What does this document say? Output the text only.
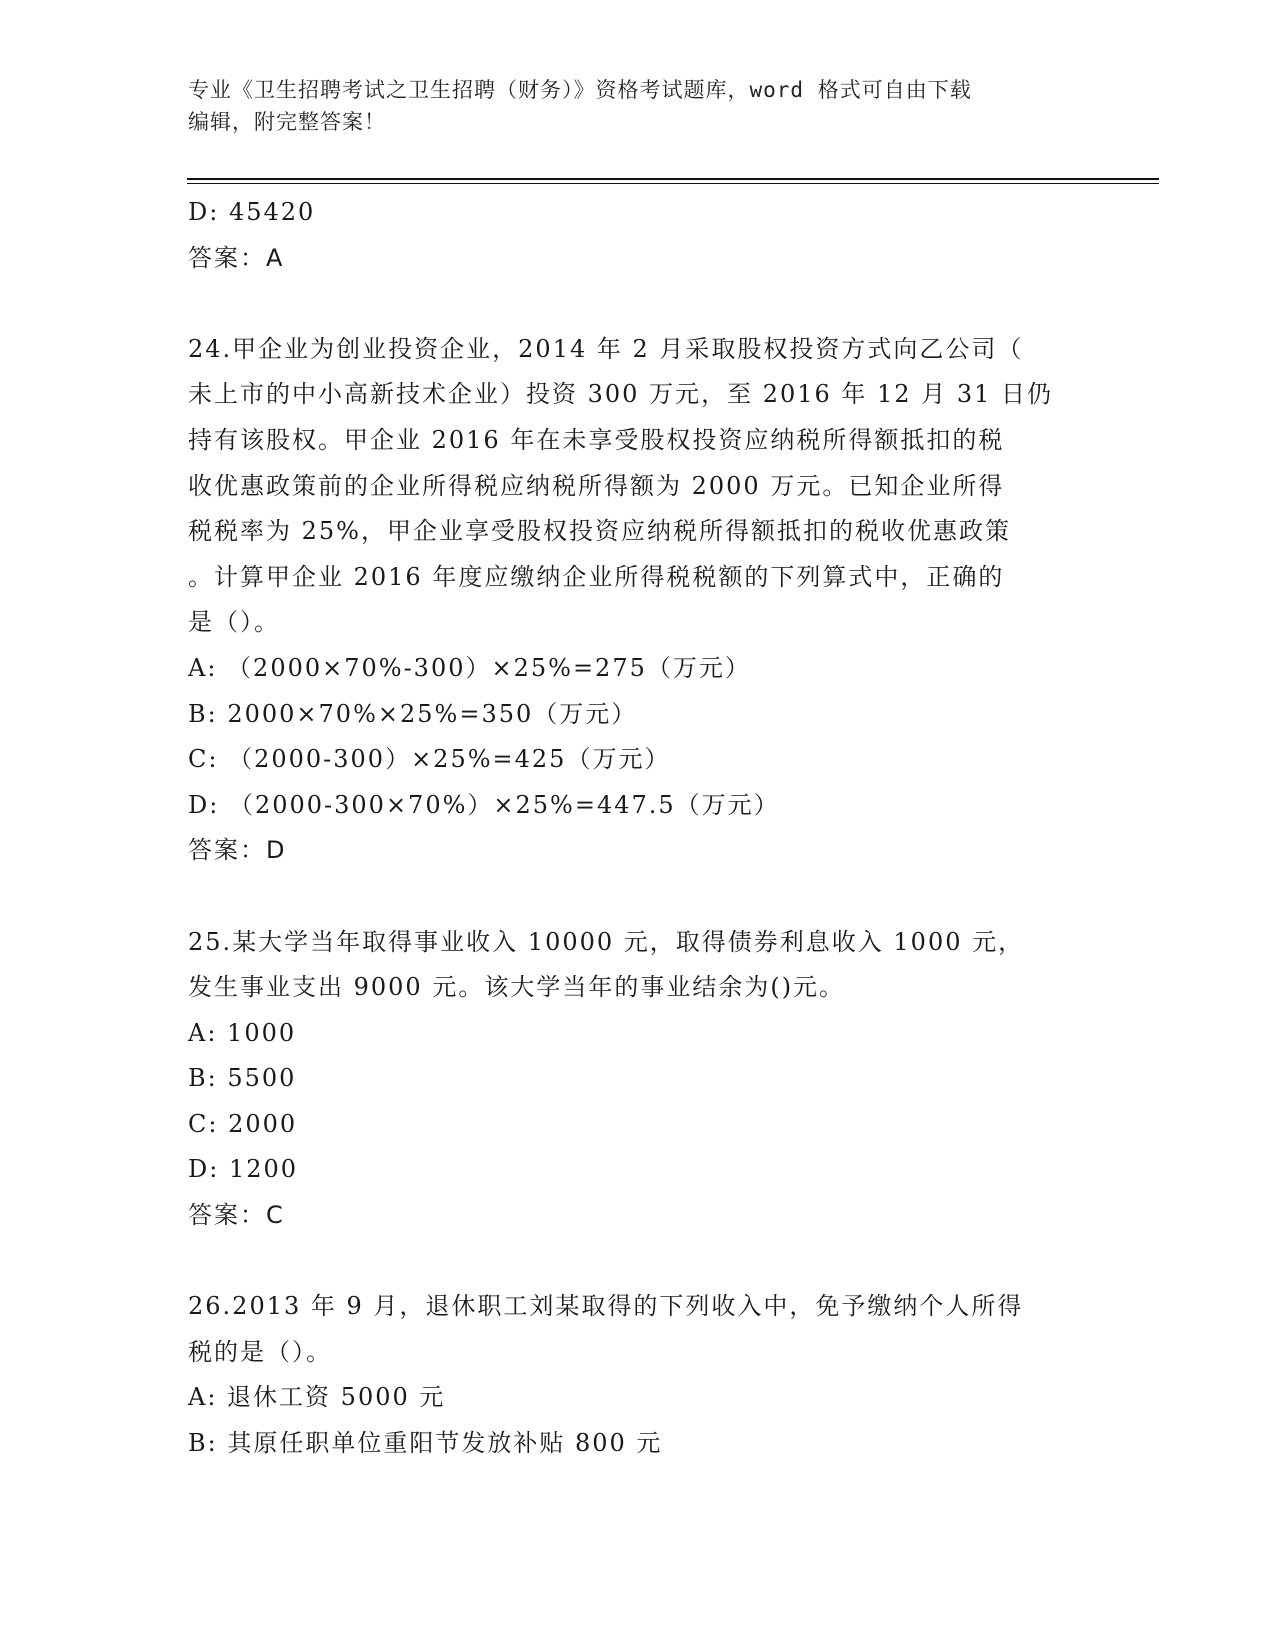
专业《卫生招聘考试之卫生招聘（财务）》资格考试题库，word 格式可自由下载
编辑，附完整答案！
D: 45420
答案：A
24.甲企业为创业投资企业，2014 年 2 月采取股权投资方式向乙公司（
未上市的中小高新技术企业）投资 300 万元，至 2016 年 12 月 31 日仍
持有该股权。甲企业 2016 年在未享受股权投资应纳税所得额抵扣的税
收优惠政策前的企业所得税应纳税所得额为 2000 万元。已知企业所得
税税率为 25%，甲企业享受股权投资应纳税所得额抵扣的税收优惠政策
。计算甲企业 2016 年度应缴纳企业所得税税额的下列算式中，正确的
是（）。
A: （2000×70%-300）×25%=275（万元）
B: 2000×70%×25%=350（万元）
C: （2000-300）×25%=425（万元）
D: （2000-300×70%）×25%=447.5（万元）
答案：D
25.某大学当年取得事业收入 10000 元，取得债券利息收入 1000 元，
发生事业支出 9000 元。该大学当年的事业结余为()元。
A: 1000
B: 5500
C: 2000
D: 1200
答案：C
26.2013 年 9 月，退休职工刘某取得的下列收入中，免予缴纳个人所得
税的是（）。
A: 退休工资 5000 元
B: 其原任职单位重阳节发放补贴 800 元
